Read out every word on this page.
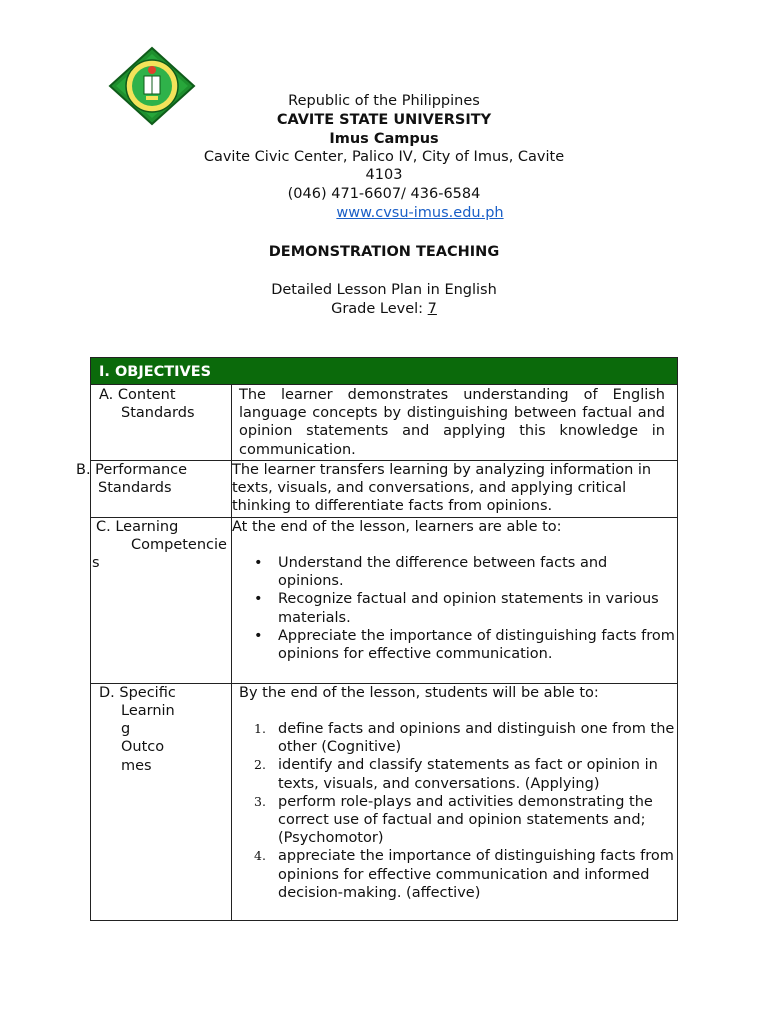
Republic of the Philippines
CAVITE STATE UNIVERSITY
Imus Campus
Cavite Civic Center, Palico IV, City of Imus, Cavite
4103
(046) 471-6607/ 436-6584
www.cvsu-imus.edu.ph
DEMONSTRATION TEACHING
Detailed Lesson Plan in English
Grade Level: 7
I. OBJECTIVES
A. Content
Standards
The learner demonstrates understanding of English language concepts by distinguishing between factual and opinion statements and applying this knowledge in communication.
B. Performance
Standards
The learner transfers learning by analyzing information in texts, visuals, and conversations, and applying critical thinking to differentiate facts from opinions.
C. Learning
Competencie
s
At the end of the lesson, learners are able to:
• Understand the difference between facts and opinions.
• Recognize factual and opinion statements in various materials.
• Appreciate the importance of distinguishing facts from opinions for effective communication.
D. Specific
Learnin
g
Outco
mes
By the end of the lesson, students will be able to:
1. define facts and opinions and distinguish one from the other (Cognitive)
2. identify and classify statements as fact or opinion in texts, visuals, and conversations. (Applying)
3. perform role-plays and activities demonstrating the correct use of factual and opinion statements and; (Psychomotor)
4. appreciate the importance of distinguishing facts from opinions for effective communication and informed decision-making. (affective)
